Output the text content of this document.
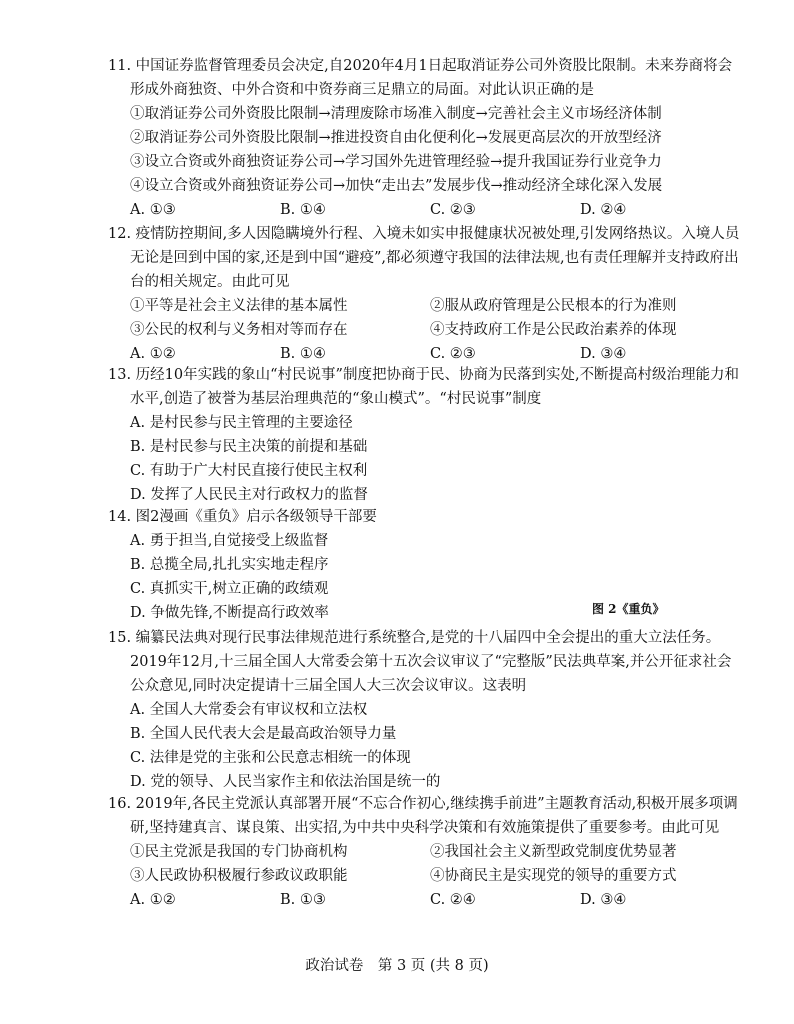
11. 中国证券监督管理委员会决定,自2020年4月1日起取消证券公司外资股比限制。未来券商将会形成外商独资、中外合资和中资券商三足鼎立的局面。对此认识正确的是

①取消证券公司外资股比限制→清理废除市场准入制度→完善社会主义市场经济体制

②取消证券公司外资股比限制→推进投资自由化便利化→发展更高层次的开放型经济

③设立合资或外商独资证券公司→学习国外先进管理经验→提升我国证券行业竞争力

④设立合资或外商独资证券公司→加快“走出去”发展步伐→推动经济全球化深入发展

A. ①③	B. ①④	C. ②③	D. ②④

12. 疫情防控期间,多人因隐瞒境外行程、入境未如实申报健康状况被处理,引发网络热议。入境人员无论是回到中国的家,还是到中国“避疫”,都必须遵守我国的法律法规,也有责任理解并支持政府出台的相关规定。由此可见

①平等是社会主义法律的基本属性	②服从政府管理是公民根本的行为准则
③公民的权利与义务相对等而存在	④支持政府工作是公民政治素养的体现
A. ①②	B. ①④	C. ②③	D. ③④

13. 历经10年实践的象山“村民说事”制度把协商于民、协商为民落到实处,不断提高村级治理能力和水平,创造了被誉为基层治理典范的“象山模式”。“村民说事”制度

A. 是村民参与民主管理的主要途径

B. 是村民参与民主决策的前提和基础

C. 有助于广大村民直接行使民主权利

D. 发挥了人民民主对行政权力的监督

14. 图2漫画《重负》启示各级领导干部要

A. 勇于担当,自觉接受上级监督

B. 总揽全局,扎扎实实地走程序

C. 真抓实干,树立正确的政绩观

D. 争做先锋,不断提高行政效率	图 2《重负》

15. 编纂民法典对现行民事法律规范进行系统整合,是党的十八届四中全会提出的重大立法任务。2019年12月,十三届全国人大常委会第十五次会议审议了“完整版”民法典草案,并公开征求社会公众意见,同时决定提请十三届全国人大三次会议审议。这表明

A. 全国人大常委会有审议权和立法权

B. 全国人民代表大会是最高政治领导力量

C. 法律是党的主张和公民意志相统一的体现

D. 党的领导、人民当家作主和依法治国是统一的

16. 2019年,各民主党派认真部署开展“不忘合作初心,继续携手前进”主题教育活动,积极开展多项调研,坚持建真言、谋良策、出实招,为中共中央科学决策和有效施策提供了重要参考。由此可见

①民主党派是我国的专门协商机构	②我国社会主义新型政党制度优势显著
③人民政协积极履行参政议政职能	④协商民主是实现党的领导的重要方式
A. ①②	B. ①③	C. ②④	D. ③④
政治试卷　第 3 页 (共 8 页)
